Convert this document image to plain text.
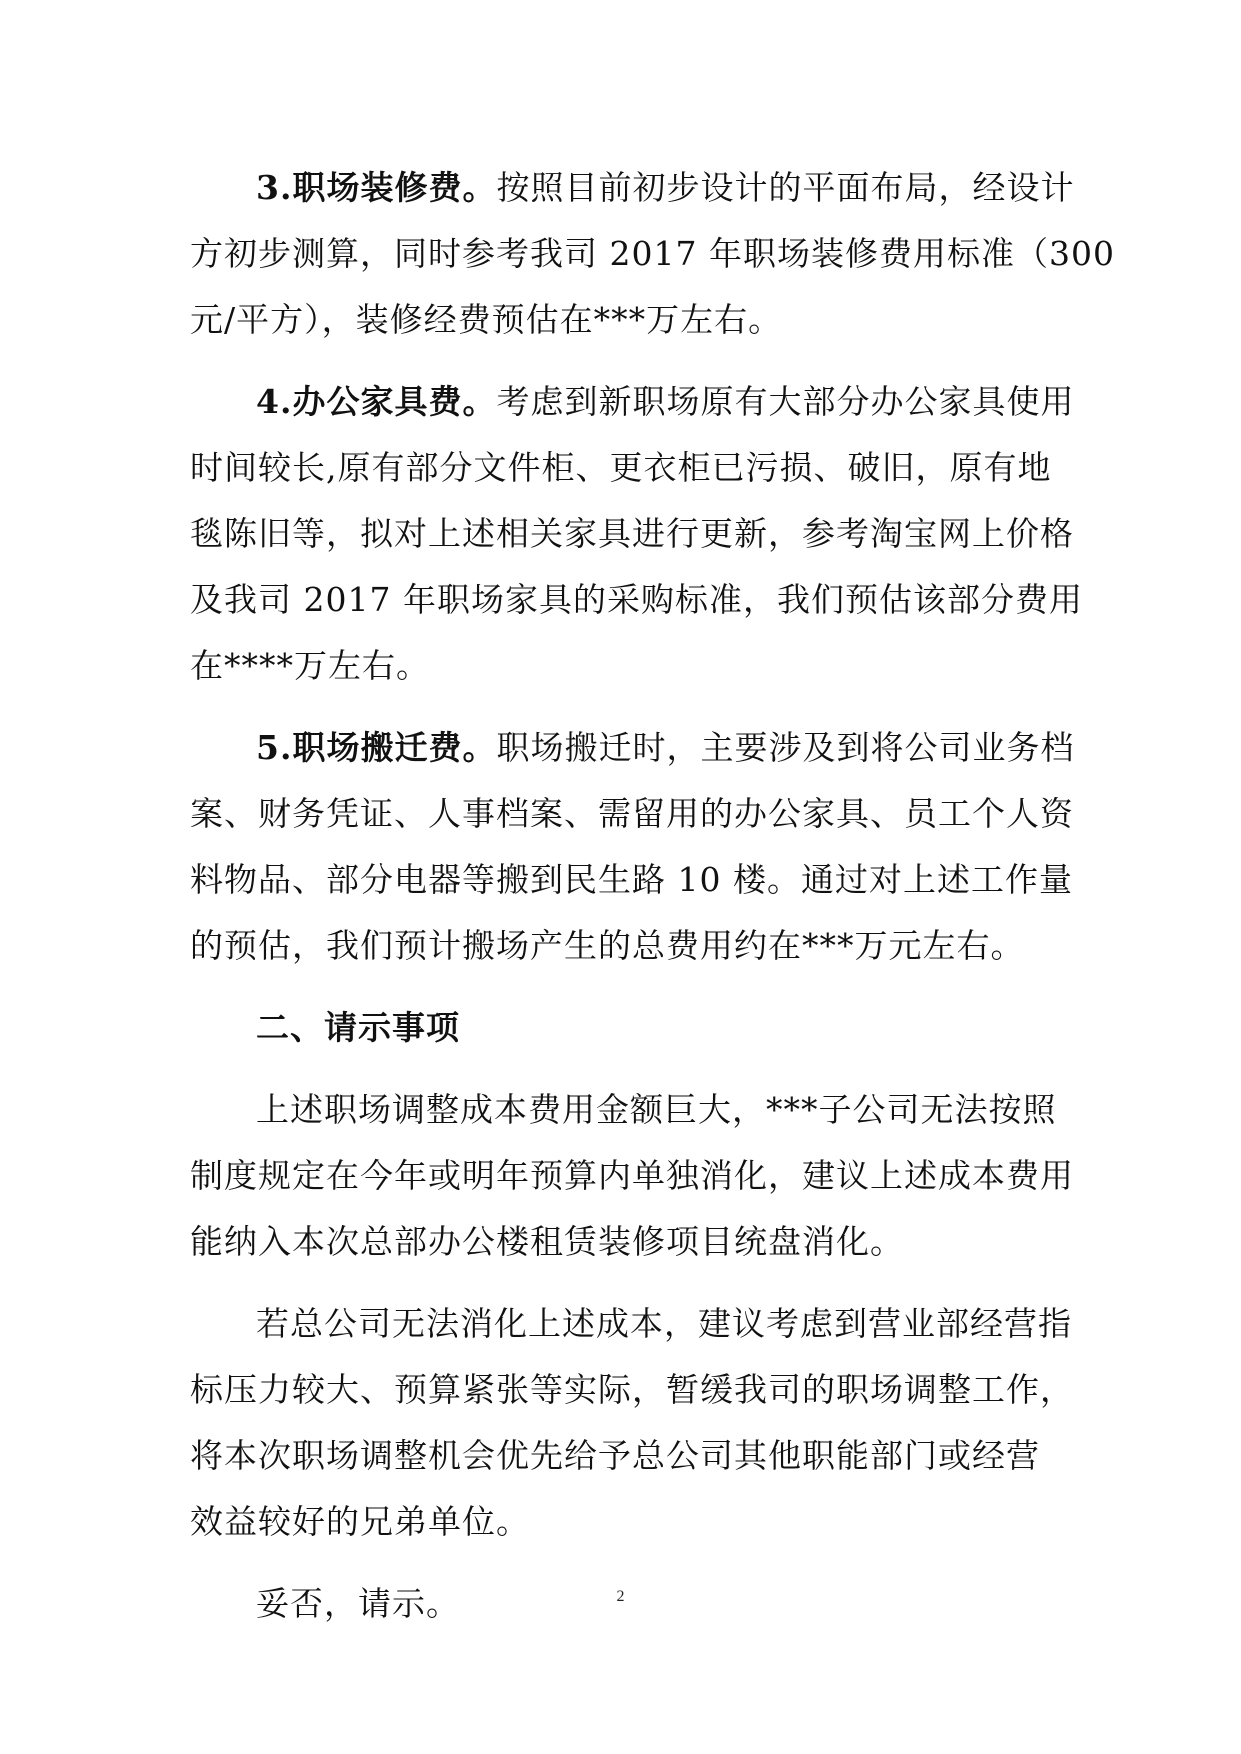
3.职场装修费。按照目前初步设计的平面布局，经设计
方初步测算，同时参考我司 2017 年职场装修费用标准（300
元/平方），装修经费预估在***万左右。
4.办公家具费。考虑到新职场原有大部分办公家具使用
时间较长,原有部分文件柜、更衣柜已污损、破旧，原有地
毯陈旧等，拟对上述相关家具进行更新，参考淘宝网上价格
及我司 2017 年职场家具的采购标准，我们预估该部分费用
在****万左右。
5.职场搬迁费。职场搬迁时，主要涉及到将公司业务档
案、财务凭证、人事档案、需留用的办公家具、员工个人资
料物品、部分电器等搬到民生路 10 楼。通过对上述工作量
的预估，我们预计搬场产生的总费用约在***万元左右。
二、请示事项
上述职场调整成本费用金额巨大，***子公司无法按照
制度规定在今年或明年预算内单独消化，建议上述成本费用
能纳入本次总部办公楼租赁装修项目统盘消化。
若总公司无法消化上述成本，建议考虑到营业部经营指
标压力较大、预算紧张等实际，暂缓我司的职场调整工作，
将本次职场调整机会优先给予总公司其他职能部门或经营
效益较好的兄弟单位。
妥否，请示。	2
